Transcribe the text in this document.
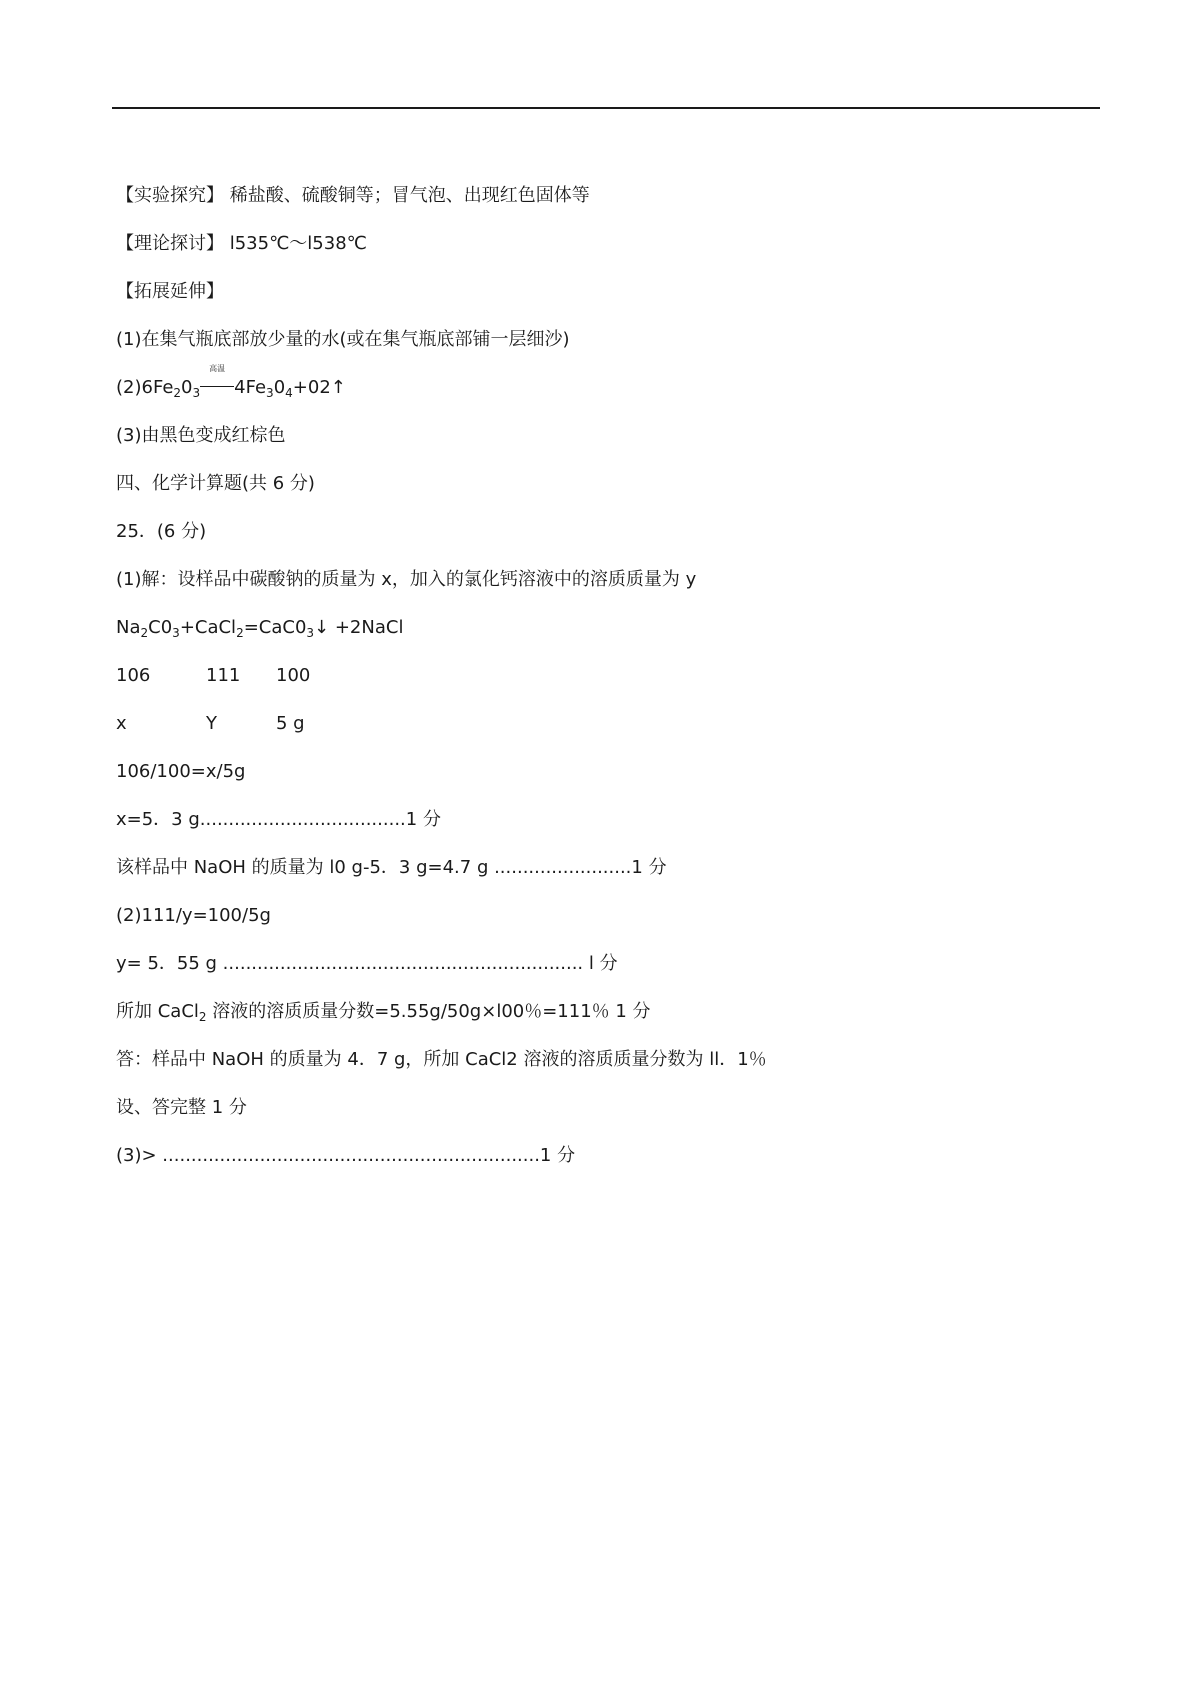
【实验探究】 稀盐酸、硫酸铜等；冒气泡、出现红色固体等
【理论探讨】 l535℃～l538℃
【拓展延伸】
(1)在集气瓶底部放少量的水(或在集气瓶底部铺一层细沙)
$(2)6Fe_20_3$
高温
$4Fe_30_4+02↑$
(3)由黑色变成红棕色
四、化学计算题(共 6 分)
25．(6 分)
(1)解：设样品中碳酸钠的质量为 x，加入的氯化钙溶液中的溶质质量为 y
$Na_2C0_3+CaCl_2=CaC0_3↓$ +2NaCl
106	111 100
x	Y	5 g
106/100=x/5g
x=5．3 g....................................1 分
该样品中 NaOH 的质量为 l0 g-5．3 g=4.7 g ........................1 分
(2)111/y=100/5g
y= 5．55 g ............................................................... l 分
所加 CaCl$_2$ 溶液的溶质质量分数=5.55g/50g×l00％=111％ 1 分
答：样品中 NaOH 的质量为 4．7 g，所加 CaCl2 溶液的溶质质量分数为 ll．1％
设、答完整 1 分
(3)> ..................................................................1 分
